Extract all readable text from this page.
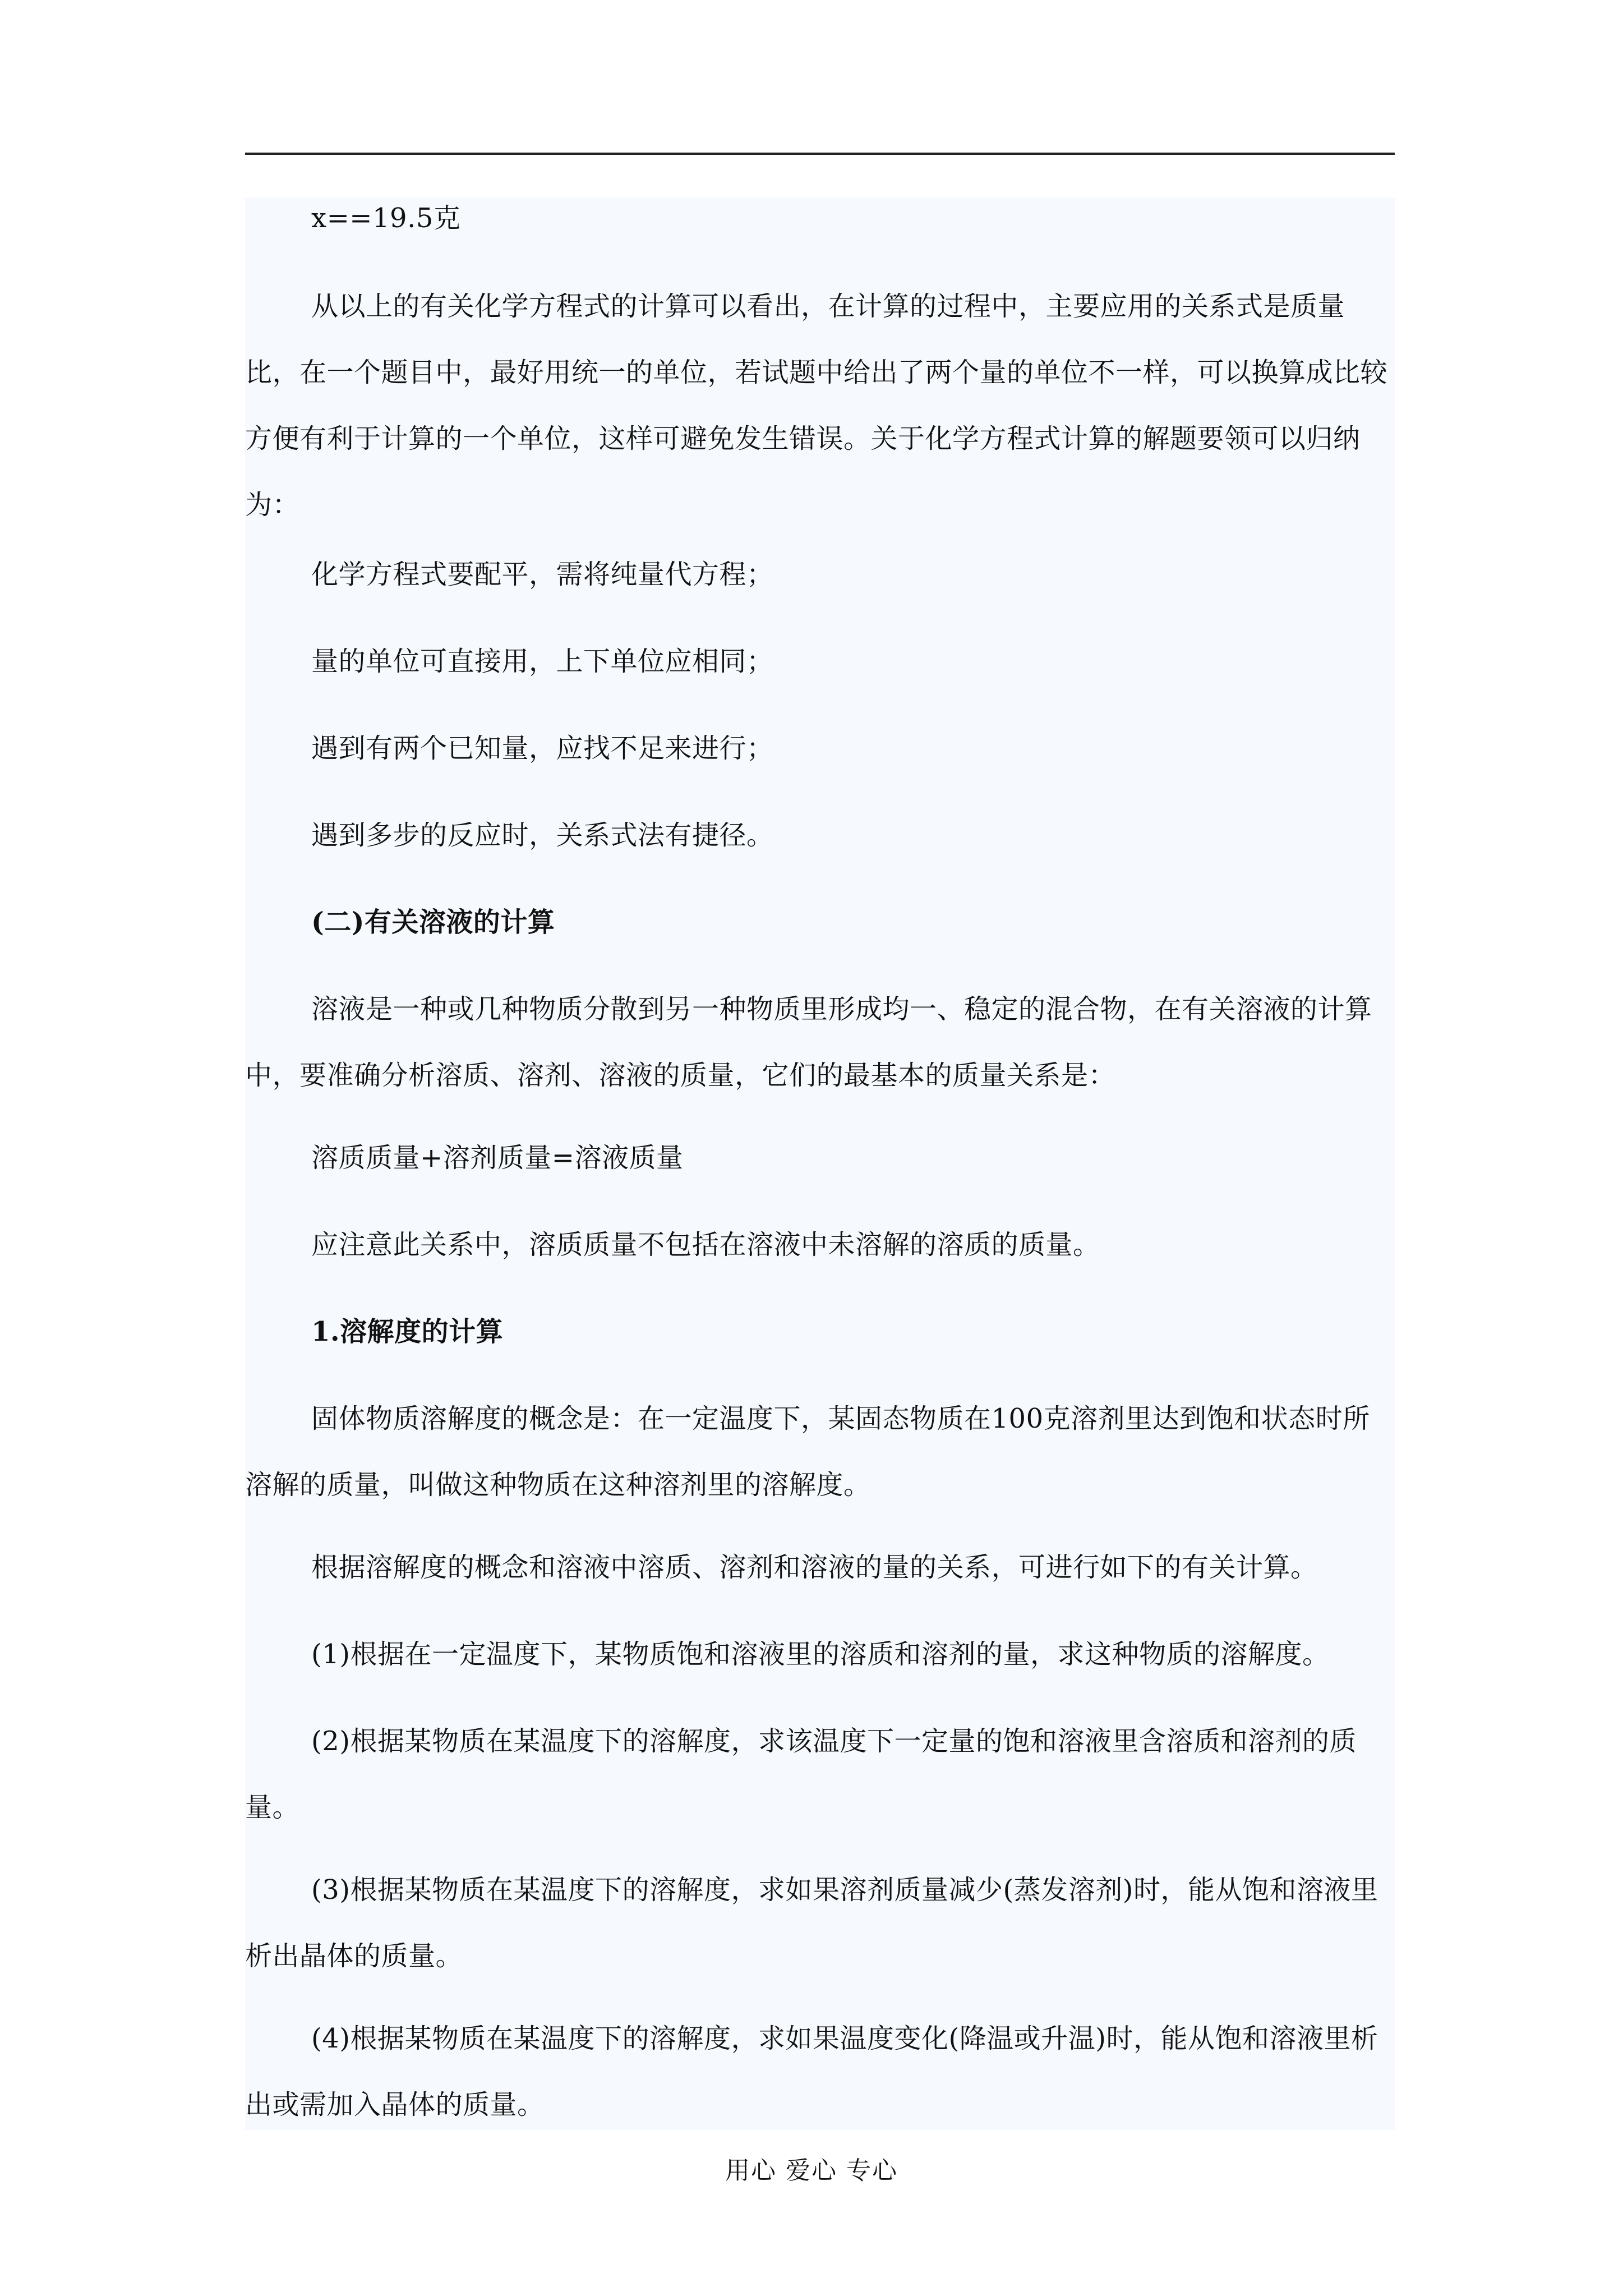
x==19.5克

从以上的有关化学方程式的计算可以看出，在计算的过程中，主要应用的关系式是质量比，在一个题目中，最好用统一的单位，若试题中给出了两个量的单位不一样，可以换算成比较方便有利于计算的一个单位，这样可避免发生错误。关于化学方程式计算的解题要领可以归纳为：

化学方程式要配平，需将纯量代方程；

量的单位可直接用，上下单位应相同；

遇到有两个已知量，应找不足来进行；

遇到多步的反应时，关系式法有捷径。

(二)有关溶液的计算

溶液是一种或几种物质分散到另一种物质里形成均一、稳定的混合物，在有关溶液的计算中，要准确分析溶质、溶剂、溶液的质量，它们的最基本的质量关系是：

溶质质量+溶剂质量=溶液质量

应注意此关系中，溶质质量不包括在溶液中未溶解的溶质的质量。

1.溶解度的计算

固体物质溶解度的概念是：在一定温度下，某固态物质在100克溶剂里达到饱和状态时所溶解的质量，叫做这种物质在这种溶剂里的溶解度。

根据溶解度的概念和溶液中溶质、溶剂和溶液的量的关系，可进行如下的有关计算。

(1)根据在一定温度下，某物质饱和溶液里的溶质和溶剂的量，求这种物质的溶解度。

(2)根据某物质在某温度下的溶解度，求该温度下一定量的饱和溶液里含溶质和溶剂的质量。

(3)根据某物质在某温度下的溶解度，求如果溶剂质量减少(蒸发溶剂)时，能从饱和溶液里析出晶体的质量。

(4)根据某物质在某温度下的溶解度，求如果温度变化(降温或升温)时，能从饱和溶液里析出或需加入晶体的质量。

用心 爱心 专心
